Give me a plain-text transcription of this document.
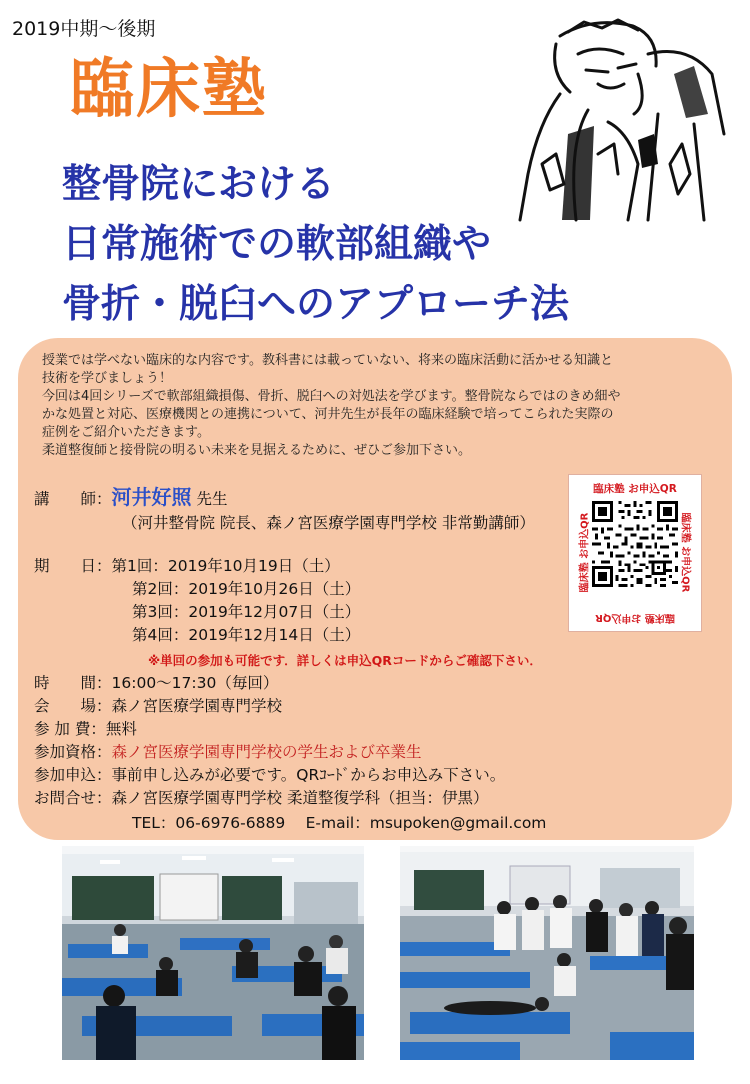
2019中期～後期
臨床塾
整骨院における
日常施術での軟部組織や
骨折・脱臼へのアプローチ法

授業では学べない臨床的な内容です。教科書には載っていない、将来の臨床活動に活かせる知識と

技術を学びましょう！

今回は4回シリーズで軟部組織損傷、骨折、脱臼への対処法を学びます。整骨院ならではのきめ細や

かな処置と対応、医療機関との連携について、河井先生が長年の臨床経験で培ってこられた実際の

症例をご紹介いただきます。

柔道整復師と接骨院の明るい未来を見据えるために、ぜひご参加下さい。

講　　師：河井好照 先生
（河井整骨院 院長、森ノ宮医療学園専門学校 非常勤講師）
期　　日：第1回：2019年10月19日（土）
第2回：2019年10月26日（土）
第3回：2019年12月07日（土）
第4回：2019年12月14日（土）
※単回の参加も可能です．詳しくは申込QRコードからご確認下さい．
時　　間：16:00～17:30（毎回）
会　　場：森ノ宮医療学園専門学校
参 加 費：無料
参加資格：森ノ宮医療学園専門学校の学生および卒業生
参加申込：事前申し込みが必要です。QRｺｰﾄﾞからお申込み下さい。
お問合せ：森ノ宮医療学園専門学校 柔道整復学科（担当：伊黒）
TEL：06-6976-6889　 E-mail：msupoken@gmail.com
臨床塾 お申込QR
臨床塾 お申込QR
臨床塾 お申込QR	臨床塾 お申込QR
